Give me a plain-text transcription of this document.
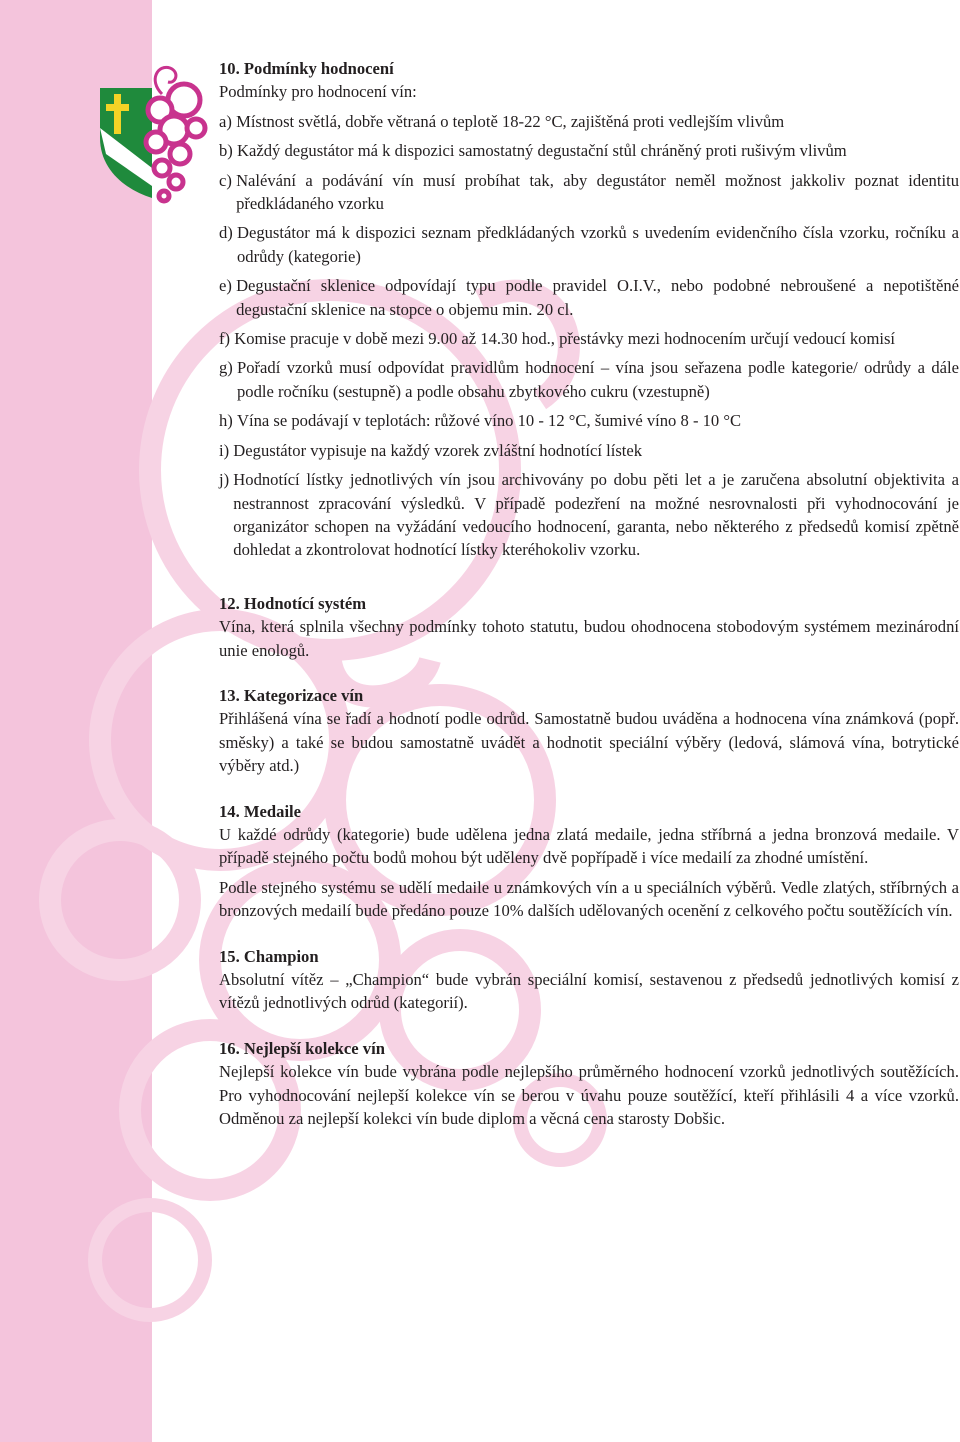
10. Podmínky hodnocení

Podmínky pro hodnocení vín:

a)
Místnost světlá, dobře větraná o teplotě 18-22 °C, zajištěná proti vedlejším vlivům
b)
Každý degustátor má k dispozici samostatný degustační stůl chráněný proti rušivým vlivům
c)
Nalévání a podávání vín musí probíhat tak, aby degustátor neměl možnost jakkoliv poznat identitu předkládaného vzorku
d)
Degustátor má k dispozici seznam předkládaných vzorků s uvedením evidenčního čísla vzorku, ročníku a odrůdy (kategorie)
e)
Degustační sklenice odpovídají typu podle pravidel O.I.V., nebo podobné nebroušené a nepotištěné degustační sklenice na stopce o objemu min. 20 cl.
f)
Komise pracuje v době mezi 9.00 až 14.30 hod., přestávky mezi hodnocením určují vedoucí komisí
g)
Pořadí vzorků musí odpovídat pravidlům hodnocení – vína jsou seřazena podle kategorie/ odrůdy a dále podle ročníku (sestupně) a podle obsahu zbytkového cukru (vzestupně)
h)
Vína se podávají v teplotách: růžové víno 10 - 12 °C, šumivé víno 8 - 10 °C
i)
Degustátor vypisuje na každý vzorek zvláštní hodnotící lístek
j)
Hodnotící lístky jednotlivých vín jsou archivovány po dobu pěti let a je zaručena absolutní objektivita a nestrannost zpracování výsledků. V případě podezření na možné nesrovnalosti při vyhodnocování je organizátor schopen na vyžádání vedoucího hodnocení, garanta, nebo některého z předsedů komisí zpětně dohledat a zkontrolovat hodnotící lístky kteréhokoliv vzorku.

12. Hodnotící systém

Vína, která splnila všechny podmínky tohoto statutu, budou ohodnocena stobodovým systémem mezinárodní unie enologů.

13. Kategorizace vín

Přihlášená vína se řadí a hodnotí podle odrůd. Samostatně budou uváděna a hodnocena vína známková (popř. směsky) a také se budou samostatně uvádět a hodnotit speciální výběry (ledová, slámová vína, botrytické výběry atd.)

14. Medaile

U každé odrůdy (kategorie) bude udělena jedna zlatá medaile, jedna stříbrná a jedna bronzová medaile. V případě stejného počtu bodů mohou být uděleny dvě popřípadě i více medailí za zhodné umístění.

Podle stejného systému se udělí medaile u známkových vín a u speciálních výběrů. Vedle zlatých, stříbrných a bronzových medailí bude předáno pouze 10% dalších udělovaných ocenění z celkového počtu soutěžících vín.

15. Champion

Absolutní vítěz – „Champion“ bude vybrán speciální komisí, sestavenou z předsedů jednotlivých komisí z vítězů jednotlivých odrůd (kategorií).

16. Nejlepší kolekce vín

Nejlepší kolekce vín bude vybrána podle nejlepšího průměrného hodnocení vzorků jednotlivých soutěžících. Pro vyhodnocování nejlepší kolekce vín se berou v úvahu pouze soutěžící, kteří přihlásili 4 a více vzorků. Odměnou za nejlepší kolekci vín bude diplom a věcná cena starosty Dobšic.
